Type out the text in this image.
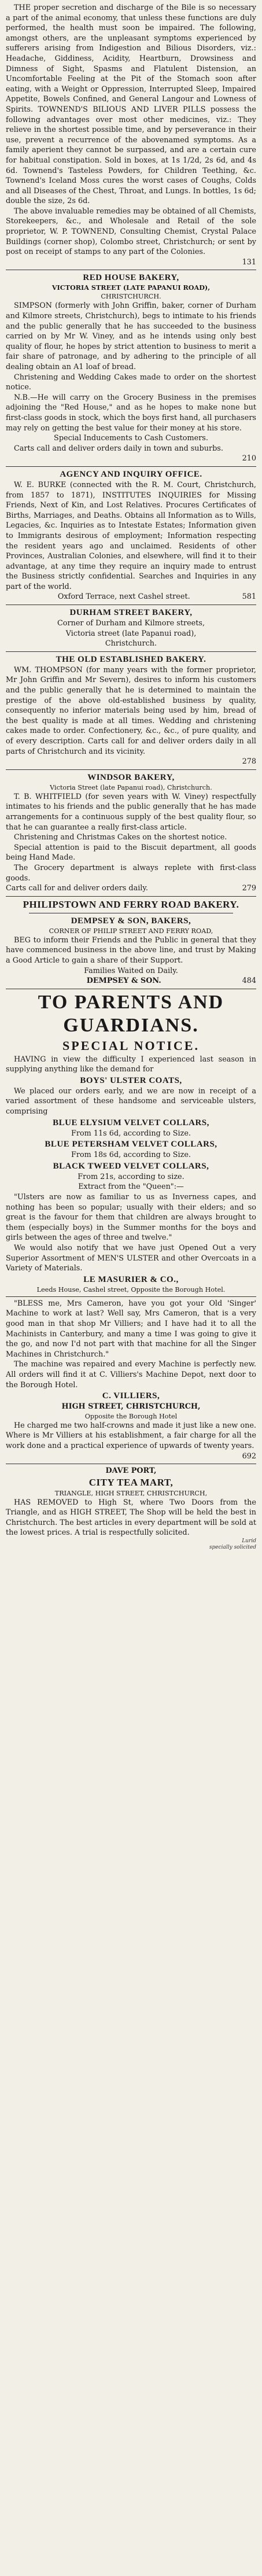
THE proper secretion and discharge of the Bile is so necessary a part of the animal economy, that unless these functions are duly performed, the health must soon be impaired. The following, amongst others, are the unpleasant symptoms experienced by sufferers arising from Indigestion and Bilious Disorders, viz.: Headache, Giddiness, Acidity, Heartburn, Drowsiness and Dimness of Sight, Spasms and Flatulent Distension, an Uncomfortable Feeling at the Pit of the Stomach soon after eating, with a Weight or Oppression, Interrupted Sleep, Impaired Appetite, Bowels Confined, and General Langour and Lowness of Spirits. TOWNEND'S BILIOUS AND LIVER PILLS possess the following advantages over most other medicines, viz.: They relieve in the shortest possible time, and by perseverance in their use, prevent a recurrence of the abovenamed symptoms. As a family aperient they cannot be surpassed, and are a certain cure for habitual constipation. Sold in boxes, at 1s 1/2d, 2s 6d, and 4s 6d. Townend's Tasteless Powders, for Children Teething, &c. Townend's Iceland Moss cures the worst cases of Coughs, Colds and all Diseases of the Chest, Throat, and Lungs. In bottles, 1s 6d; double the size, 2s 6d.

The above invaluable remedies may be obtained of all Chemists, Storekeepers, &c., and Wholesale and Retail of the sole proprietor, W. P. TOWNEND, Consulting Chemist, Crystal Palace Buildings (corner shop), Colombo street, Christchurch; or sent by post on receipt of stamps to any part of the Colonies.

131

RED HOUSE BAKERY,

VICTORIA STREET (LATE PAPANUI ROAD),

CHRISTCHURCH.

SIMPSON (formerly with John Griffin, baker, corner of Durham and Kilmore streets, Christchurch), begs to intimate to his friends and the public generally that he has succeeded to the business carried on by Mr W. Viney, and as he intends using only best quality of flour, he hopes by strict attention to business to merit a fair share of patronage, and by adhering to the principle of all dealing obtain an A1 loaf of bread.

Christening and Wedding Cakes made to order on the shortest notice.

N.B.—He will carry on the Grocery Business in the premises adjoining the "Red House," and as he hopes to make none but first-class goods in stock, which the boys first hand, all purchasers may rely on getting the best value for their money at his store.

Special Inducements to Cash Customers.

Carts call and deliver orders daily in town and suburbs.

210

AGENCY AND INQUIRY OFFICE.

W. E. BURKE (connected with the R. M. Court, Christchurch, from 1857 to 1871), INSTITUTES INQUIRIES for Missing Friends, Next of Kin, and Lost Relatives. Procures Certificates of Births, Marriages, and Deaths. Obtains all Information as to Wills, Legacies, &c. Inquiries as to Intestate Estates; Information given to Immigrants desirous of employment; Information respecting the resident years ago and unclaimed. Residents of other Provinces, Australian Colonies, and elsewhere, will find it to their advantage, at any time they require an inquiry made to entrust the Business strictly confidential. Searches and Inquiries in any part of the world.

Oxford Terrace, next Cashel street.	581

DURHAM STREET BAKERY,

Corner of Durham and Kilmore streets,

Victoria street (late Papanui road),

Christchurch.

THE OLD ESTABLISHED BAKERY.

WM. THOMPSON (for many years with the former proprietor, Mr John Griffin and Mr Severn), desires to inform his customers and the public generally that he is determined to maintain the prestige of the above old-established business by quality, consequently no inferior materials being used by him, bread of the best quality is made at all times. Wedding and christening cakes made to order. Confectionery, &c., &c., of pure quality, and of every description. Carts call for and deliver orders daily in all parts of Christchurch and its vicinity.

278

WINDSOR BAKERY,

Victoria Street (late Papanui road), Christchurch.

T. B. WHITFIELD (for seven years with W. Viney) respectfully intimates to his friends and the public generally that he has made arrangements for a continuous supply of the best quality flour, so that he can guarantee a really first-class article.

Christening and Christmas Cakes on the shortest notice.

Special attention is paid to the Biscuit department, all goods being Hand Made.

The Grocery department is always replete with first-class goods.

Carts call for and deliver orders daily.	279

PHILIPSTOWN AND FERRY ROAD BAKERY.
DEMPSEY & SON, BAKERS,

CORNER OF PHILIP STREET AND FERRY ROAD,

BEG to inform their Friends and the Public in general that they have commenced business in the above line, and trust by Making a Good Article to gain a share of their Support.

Families Waited on Daily.

DEMPSEY & SON.	484

TO PARENTS AND GUARDIANS.
SPECIAL NOTICE.

HAVING in view the difficulty I experienced last season in supplying anything like the demand for

BOYS' ULSTER COATS,

We placed our orders early, and we are now in receipt of a varied assortment of these handsome and serviceable ulsters, comprising

BLUE ELYSIUM VELVET COLLARS,

From 11s 6d, according to Size.

BLUE PETERSHAM VELVET COLLARS,

From 18s 6d, according to Size.

BLACK TWEED VELVET COLLARS,

From 21s, according to size.

Extract from the "Queen":—

"Ulsters are now as familiar to us as Inverness capes, and nothing has been so popular; usually with their elders; and so great is the favour for them that children are always brought to them (especially boys) in the Summer months for the boys and girls between the ages of three and twelve."

We would also notify that we have just Opened Out a very Superior Assortment of MEN'S ULSTER and other Overcoats in a Variety of Materials.

LE MASURIER & CO.,

Leeds House, Cashel street, Opposite the Borough Hotel.

"BLESS me, Mrs Cameron, have you got your Old 'Singer' Machine to work at last? Well say, Mrs Cameron, that is a very good man in that shop Mr Villiers; and I have had it to all the Machinists in Canterbury, and many a time I was going to give it the go, and now I'd not part with that machine for all the Singer Machines in Christchurch."

The machine was repaired and every Machine is perfectly new. All orders will find it at C. Villiers's Machine Depot, next door to the Borough Hotel.

C. VILLIERS,

HIGH STREET, CHRISTCHURCH,

Opposite the Borough Hotel

He charged me two half-crowns and made it just like a new one. Where is Mr Villiers at his establishment, a fair charge for all the work done and a practical experience of upwards of twenty years.

692

DAVE PORT,

CITY TEA MART,

TRIANGLE, HIGH STREET, CHRISTCHURCH,

HAS REMOVED to High St, where Two Doors from the Triangle, and as HIGH STREET, The Shop will be held the best in Christchurch. The best articles in every department will be sold at the lowest prices. A trial is respectfully solicited.

Lurid
specially solicited
